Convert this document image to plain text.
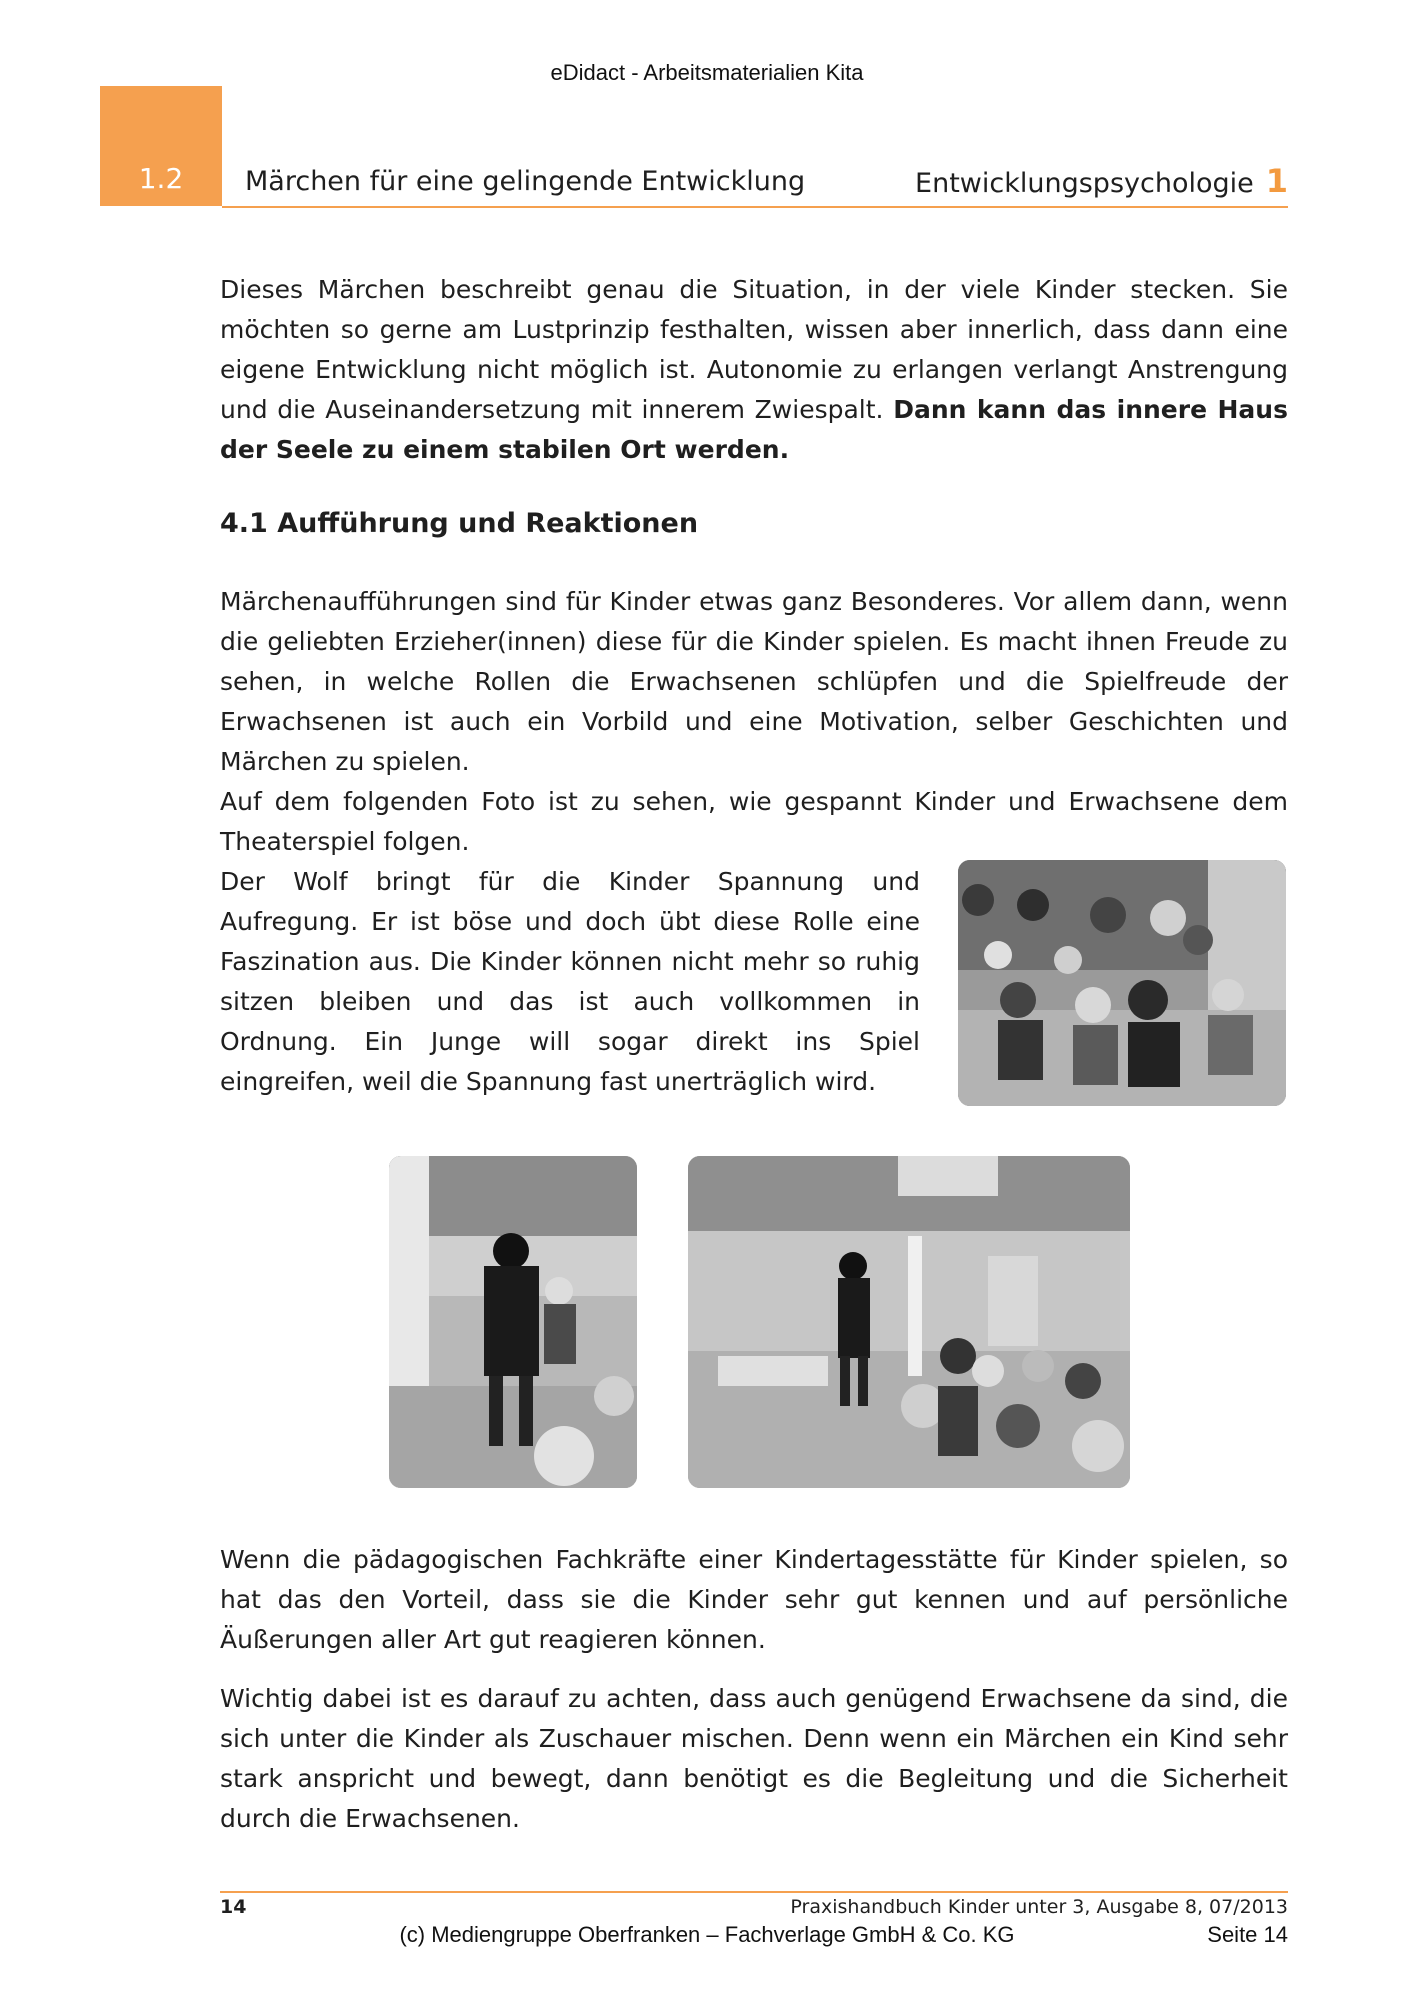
eDidact - Arbeitsmaterialien Kita
1.2	Märchen für eine gelingende Entwicklung	Entwicklungspsychologie 1
Dieses Märchen beschreibt genau die Situation, in der viele Kinder stecken. Sie möchten so gerne am Lustprinzip festhalten, wissen aber innerlich, dass dann eine eigene Entwicklung nicht möglich ist. Autonomie zu erlangen verlangt Anstrengung und die Auseinandersetzung mit innerem Zwiespalt. Dann kann das innere Haus der Seele zu einem stabilen Ort werden.
4.1 Aufführung und Reaktionen
Märchenaufführungen sind für Kinder etwas ganz Besonderes. Vor allem dann, wenn die geliebten Erzieher(innen) diese für die Kinder spielen. Es macht ihnen Freude zu sehen, in welche Rollen die Erwachsenen schlüpfen und die Spielfreude der Erwachsenen ist auch ein Vorbild und eine Motivation, selber Geschichten und Märchen zu spielen.
Auf dem folgenden Foto ist zu sehen, wie gespannt Kinder und Erwachsene dem Theaterspiel folgen.
Der Wolf bringt für die Kinder Spannung und Aufregung. Er ist böse und doch übt diese Rolle eine Faszination aus. Die Kinder können nicht mehr so ruhig sitzen bleiben und das ist auch vollkommen in Ordnung. Ein Junge will sogar direkt ins Spiel eingreifen, weil die Spannung fast unerträglich wird.
Wenn die pädagogischen Fachkräfte einer Kindertagesstätte für Kinder spielen, so hat das den Vorteil, dass sie die Kinder sehr gut kennen und auf persönliche Äußerungen aller Art gut reagieren können.
Wichtig dabei ist es darauf zu achten, dass auch genügend Erwachsene da sind, die sich unter die Kinder als Zuschauer mischen. Denn wenn ein Märchen ein Kind sehr stark anspricht und bewegt, dann benötigt es die Begleitung und die Sicherheit durch die Erwachsenen.
14	Praxishandbuch Kinder unter 3, Ausgabe 8, 07/2013
(c) Mediengruppe Oberfranken – Fachverlage GmbH & Co. KG	Seite 14
